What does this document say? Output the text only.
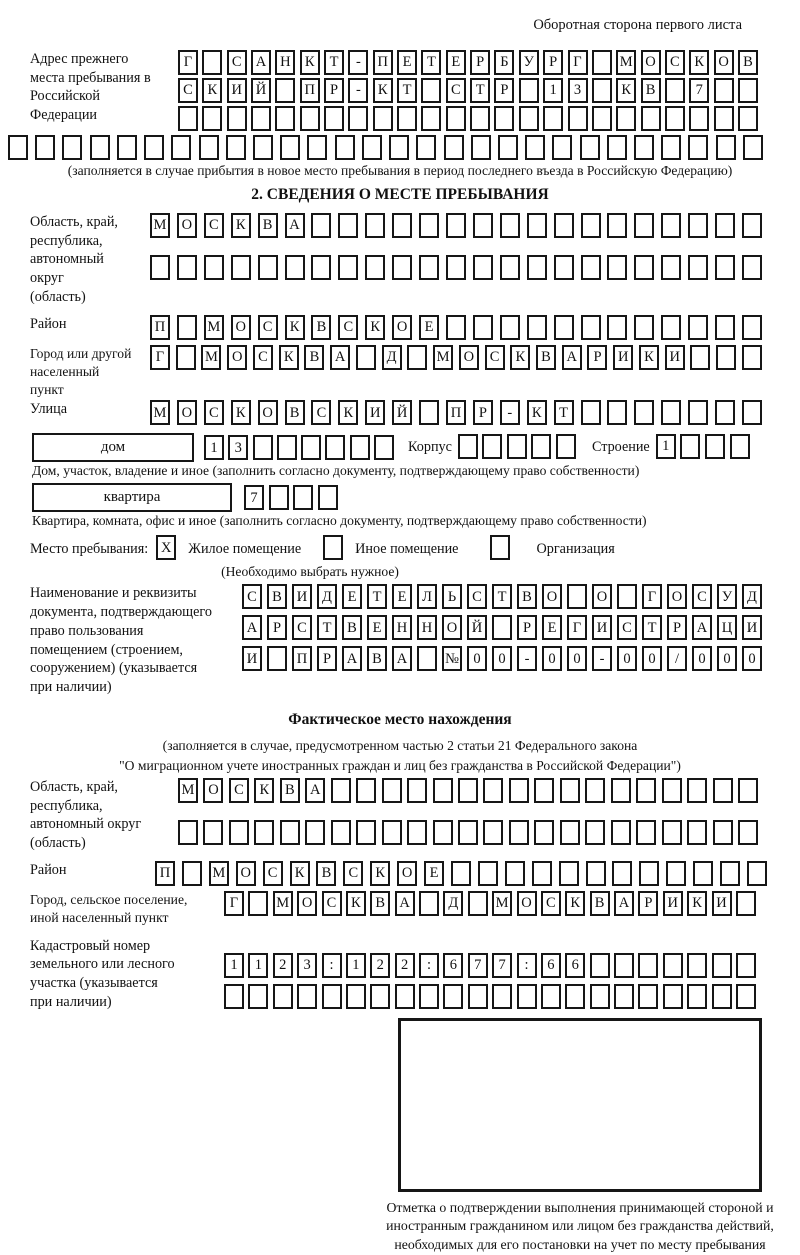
Оборотная сторона первого листа
Адрес прежнего места пребывания в Российской Федерации
Г	С А Н К	Т	-	П	Е	Т	Е	Р	Б	У	Р	Г	М О С	К О В
С	К И Й	П	Р	-	К	Т	С	Т	Р	1	3	К	В	7
(заполняется в случае прибытия в новое место пребывания в период последнего въезда в Российскую Федерацию)
2. СВЕДЕНИЯ О МЕСТЕ ПРЕБЫВАНИЯ
Область, край, республика, автономный округ (область)
М	О	С	К	В	А
Район	П	М	О	С	К	В	С	К	О	Е
Город или другой населенный пункт
Г	М О	С	К	В	А	Д	М О	С	К	В	А	Р	И	К	И
Улица	М	О	С	К	О	В	С	К	И	Й	П	Р	-	К	Т
дом	1	3	Корпус	Строение 1
Дом, участок, владение и иное (заполнить согласно документу, подтверждающему право собственности)
квартира	7
Квартира, комната, офис и иное (заполнить согласно документу, подтверждающему право собственности)
Место пребывания: X	Жилое помещение	Иное помещение	Организация
(Необходимо выбрать нужное)
Наименование и реквизиты документа, подтверждающего право пользования помещением (строением, сооружением) (указывается при наличии)
С	В	И	Д	Е	Т	Е	Л	Ь	С	Т	В	О	О	Г	О	С	У	Д
А	Р	С	Т	В	Е	Н	Н	О	Й	Р	Е	Г	И	С	Т	Р	А	Ц	И
И	П	Р	А	В	А	№ 0	0	-	0	0	-	0	0	/	0	0	0
Фактическое место нахождения
(заполняется в случае, предусмотренном частью 2 статьи 21 Федерального закона
"О миграционном учете иностранных граждан и лиц без гражданства в Российской Федерации")
Область, край, республика, автономный округ (область)
М О	С	К	В	А
Район	П	М	О	С	К	В	С	К	О	Е
Город, сельское поселение, иной населенный пункт
Г	М О С	К	В А	Д	М О С	К	В А	Р	И К И
Кадастровый номер земельного или лесного участка (указывается при наличии)
1	1	2	3	:	1	2	2	:	6	7	7	:	6	6
Отметка о подтверждении выполнения принимающей стороной и иностранным гражданином или лицом без гражданства действий, необходимых для его постановки на учет по месту пребывания
